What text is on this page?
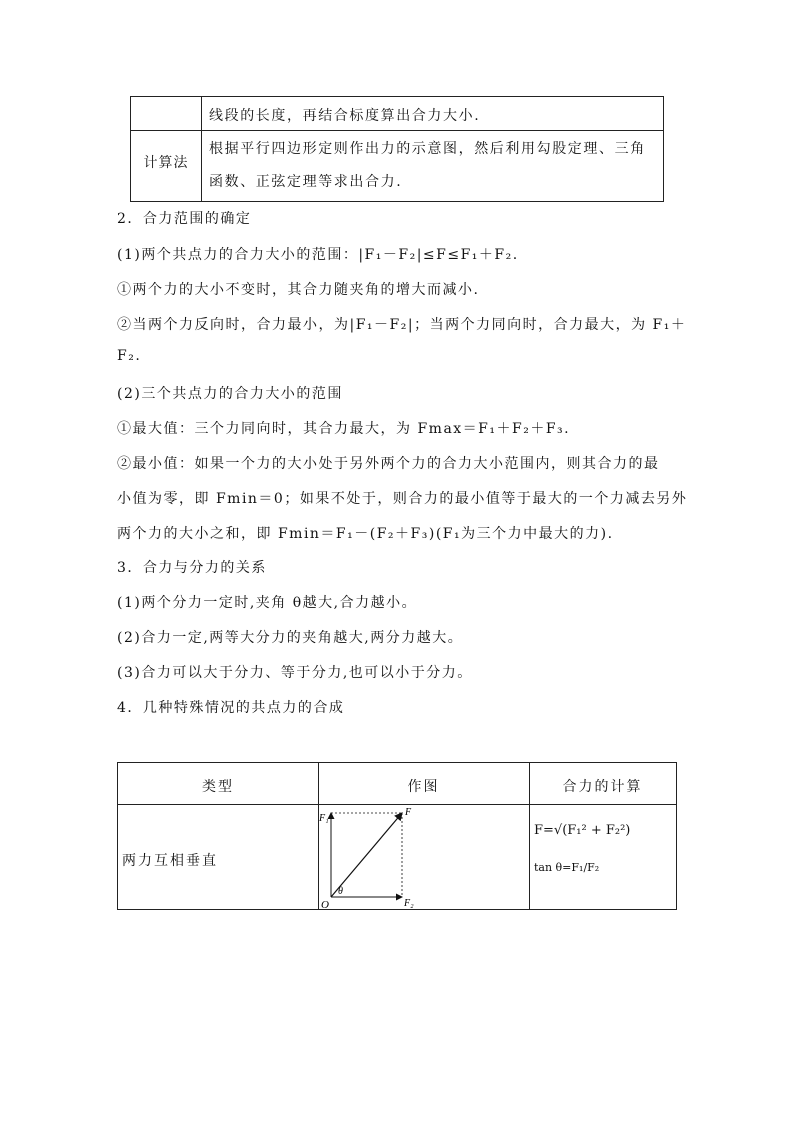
计算法
线段的长度，再结合标度算出合力大小.
根据平行四边形定则作出力的示意图，然后利用勾股定理、三角
函数、正弦定理等求出合力.
2．合力范围的确定
(1)两个共点力的合力大小的范围：|F₁－F₂|≤F≤F₁＋F₂.
①两个力的大小不变时，其合力随夹角的增大而减小.
②当两个力反向时，合力最小，为|F₁－F₂|；当两个力同向时，合力最大，为 F₁＋
F₂.
(2)三个共点力的合力大小的范围
①最大值：三个力同向时，其合力最大，为 Fmax＝F₁＋F₂＋F₃.
②最小值：如果一个力的大小处于另外两个力的合力大小范围内，则其合力的最
小值为零，即 Fmin＝0；如果不处于，则合力的最小值等于最大的一个力减去另外
两个力的大小之和，即 Fmin＝F₁－(F₂＋F₃)(F₁为三个力中最大的力).
3．合力与分力的关系
(1)两个分力一定时,夹角 θ越大,合力越小。
(2)合力一定,两等大分力的夹角越大,两分力越大。
(3)合力可以大于分力、等于分力,也可以小于分力。
4．几种特殊情况的共点力的合成
类型	作图	合力的计算
两力互相垂直
F₁
F
F₂
O
θ
F=√(F₁² + F₂²)
tan θ=F₁/F₂
